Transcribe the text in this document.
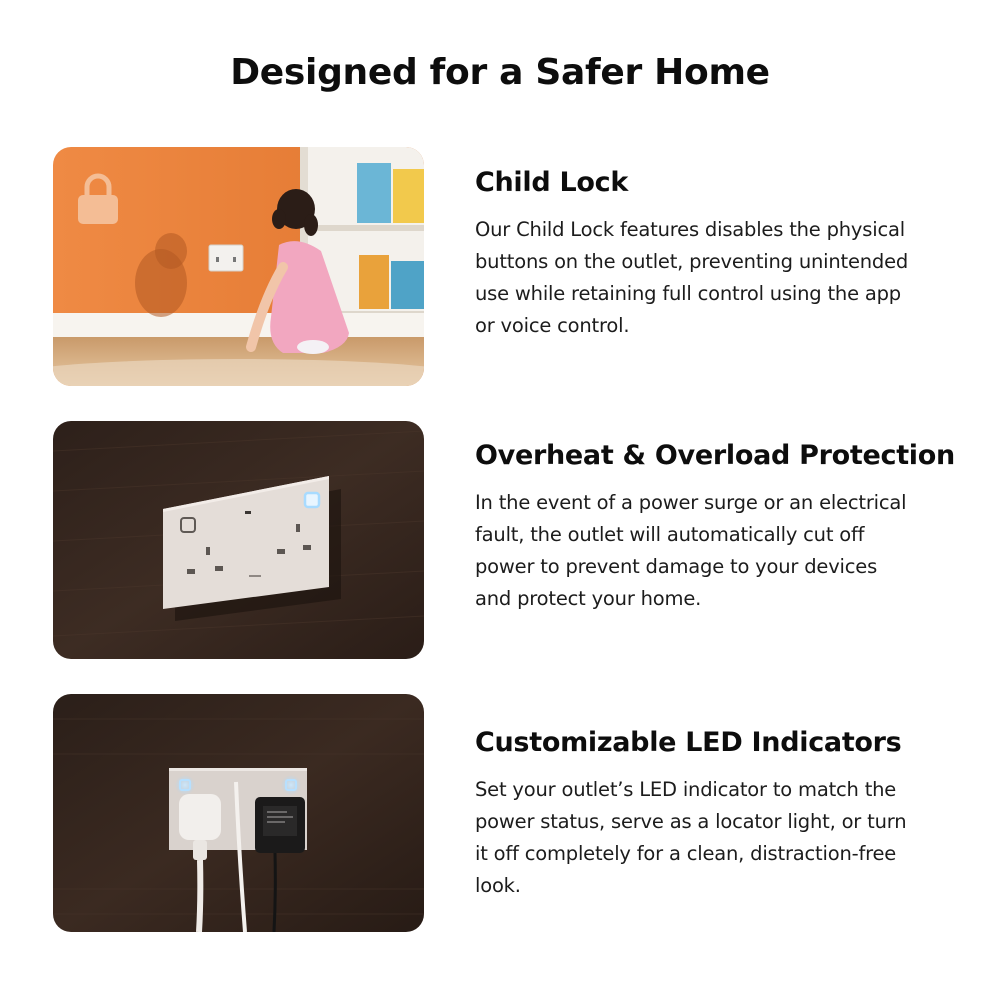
Designed for a Safer Home
Child Lock

Our Child Lock features disables the physical buttons on the outlet, preventing unintended use while retaining full control using the app or voice control.

Overheat & Overload Protection

In the event of a power surge or an electrical fault, the outlet will automatically cut off power to prevent damage to your devices and protect your home.

Customizable LED Indicators

Set your outlet’s LED indicator to match the power status, serve as a locator light, or turn it off completely for a clean, distraction-free look.
